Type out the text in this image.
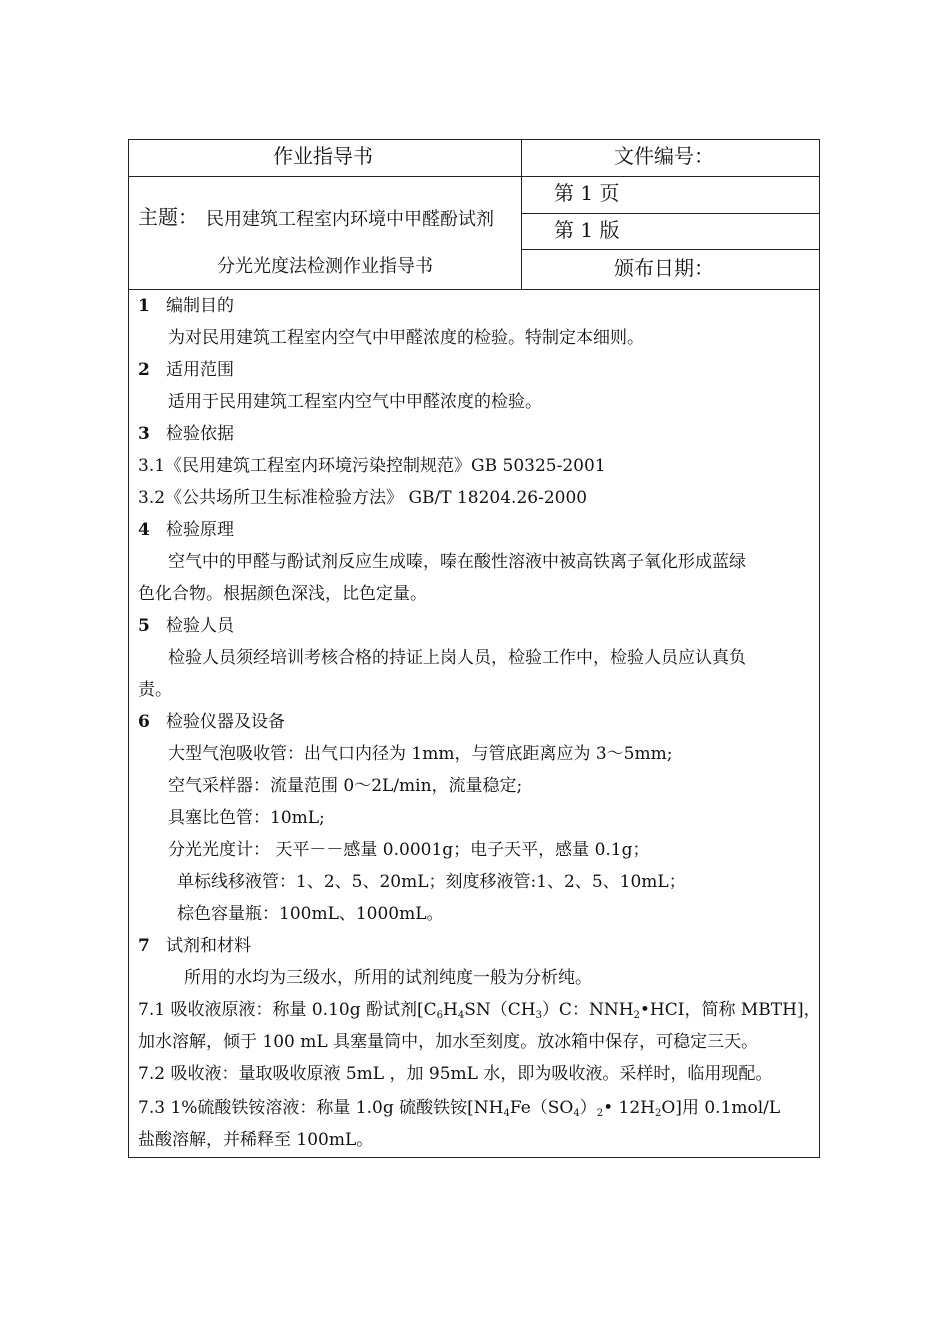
作业指导书	文件编号：
主题： 民用建筑工程室内环境中甲醛酚试剂
分光光度法检测作业指导书
第 1 页
第 1 版
颁布日期：
1 编制目的
为对民用建筑工程室内空气中甲醛浓度的检验。特制定本细则。
2 适用范围
适用于民用建筑工程室内空气中甲醛浓度的检验。
3 检验依据
3.1《民用建筑工程室内环境污染控制规范》GB 50325-2001
3.2《公共场所卫生标准检验方法》 GB/T 18204.26-2000
4 检验原理
空气中的甲醛与酚试剂反应生成嗪，嗪在酸性溶液中被高铁离子氧化形成蓝绿
色化合物。根据颜色深浅，比色定量。
5 检验人员
检验人员须经培训考核合格的持证上岗人员，检验工作中，检验人员应认真负
责。
6 检验仪器及设备
大型气泡吸收管：出气口内径为 1mm，与管底距离应为 3～5mm;
空气采样器：流量范围 0～2L/min，流量稳定;
具塞比色管：10mL;
分光光度计： 天平－－感量 0.0001g；电子天平，感量 0.1g；
单标线移液管：1、2、5、20mL；刻度移液管:1、2、5、10mL；
棕色容量瓶：100mL、1000mL。
7 试剂和材料
所用的水均为三级水，所用的试剂纯度一般为分析纯。
7.1 吸收液原液：称量 0.10g 酚试剂[$C_6H_4SN(CH_3)C$：$NNH_2•HCI$，简称 MBTH]，
加水溶解，倾于 100 mL 具塞量筒中，加水至刻度。放冰箱中保存，可稳定三天。
7.2 吸收液：量取吸收原液 5mL ，加 95mL 水，即为吸收液。采样时，临用现配。
7.3 1%硫酸铁铵溶液：称量 1.0g 硫酸铁铵[$NH_4Fe(SO_4)_2•$ $12H_2O$]用 0.1mol/L
盐酸溶解，并稀释至 100mL。
